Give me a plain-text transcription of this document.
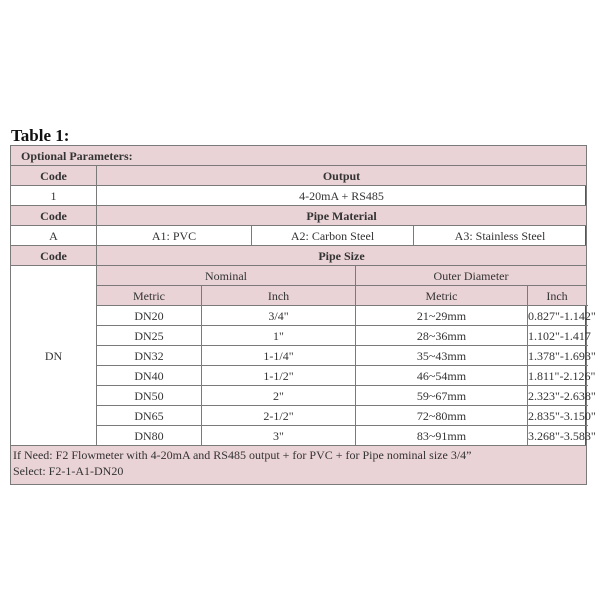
Table 1:
Optional Parameters:						
Code	Output					
1	4-20mA + RS485					
Code	Pipe Material					
A	A1: PVC		A2: Carbon Steel		A3: Stainless Steel	
Code	Pipe Size					
DN	Nominal			Outer Diameter		
	Metric	Inch		Metric		Inch
	DN20	3/4"		21~29mm		0.827"-1.142"
	DN25	1"		28~36mm		1.102"-1.417
	DN32	1-1/4"		35~43mm		1.378"-1.693"
	DN40	1-1/2"		46~54mm		1.811"-2.126"
	DN50	2"		59~67mm		2.323"-2.638"
	DN65	2-1/2"		72~80mm		2.835"-3.150"
	DN80	3"		83~91mm		3.268"-3.583"

If Need: F2 Flowmeter with 4-20mA and RS485 output + for PVC + for Pipe nominal size 3/4”
Select: F2-1-A1-DN20						
